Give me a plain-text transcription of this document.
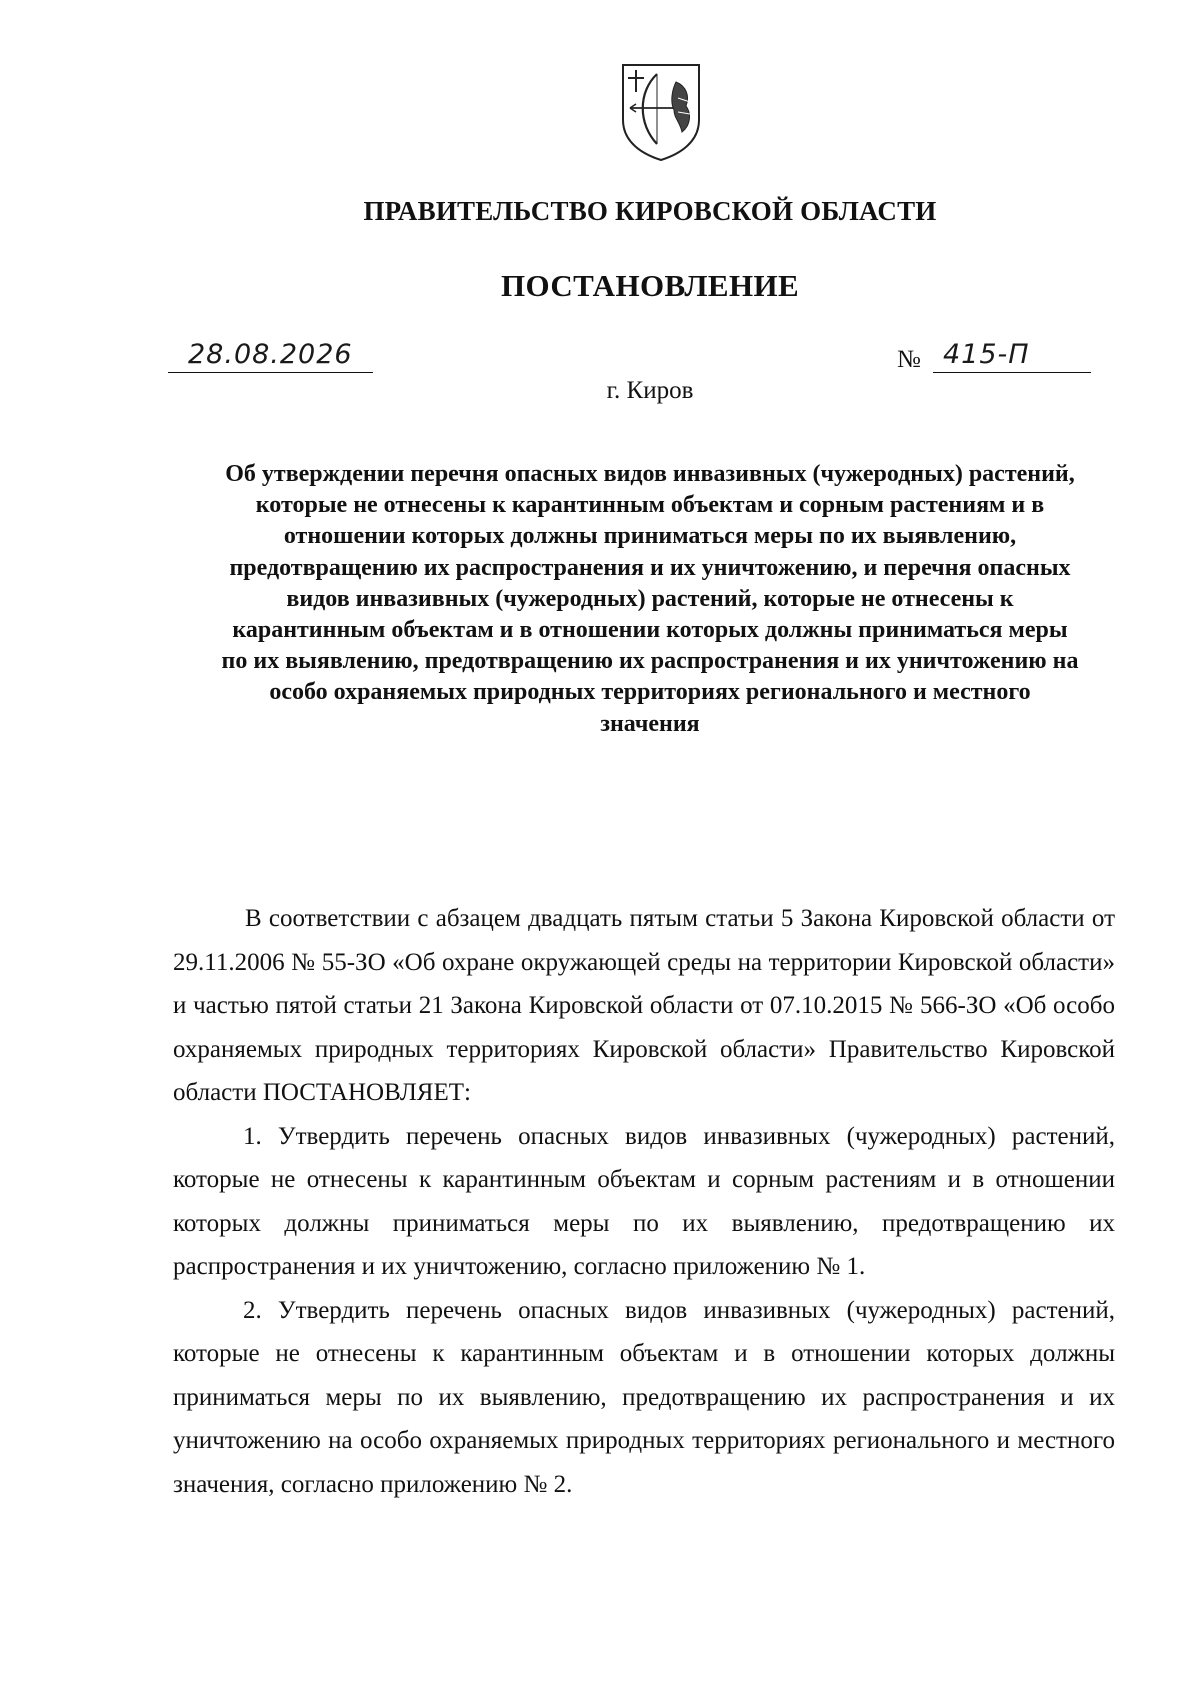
ПРАВИТЕЛЬСТВО КИРОВСКОЙ ОБЛАСТИ
ПОСТАНОВЛЕНИЕ
28.08.2026	№ 415-П
г. Киров
Об утверждении перечня опасных видов инвазивных (чужеродных) растений, которые не отнесены к карантинным объектам и сорным растениям и в отношении которых должны приниматься меры по их выявлению, предотвращению их распространения и их уничтожению, и перечня опасных видов инвазивных (чужеродных) растений, которые не отнесены к карантинным объектам и в отношении которых должны приниматься меры по их выявлению, предотвращению их распространения и их уничтожению на особо охраняемых природных территориях регионального и местного значения

В соответствии с абзацем двадцать пятым статьи 5 Закона Кировской области от 29.11.2006 № 55-ЗО «Об охране окружающей среды на территории Кировской области» и частью пятой статьи 21 Закона Кировской области от 07.10.2015 № 566-ЗО «Об особо охраняемых природных территориях Кировской области» Правительство Кировской области ПОСТАНОВЛЯЕТ:

1. Утвердить перечень опасных видов инвазивных (чужеродных) растений, которые не отнесены к карантинным объектам и сорным растениям и в отношении которых должны приниматься меры по их выявлению, предотвращению их распространения и их уничтожению, согласно приложению № 1.

2. Утвердить перечень опасных видов инвазивных (чужеродных) растений, которые не отнесены к карантинным объектам и в отношении которых должны приниматься меры по их выявлению, предотвращению их распространения и их уничтожению на особо охраняемых природных территориях регионального и местного значения, согласно приложению № 2.
